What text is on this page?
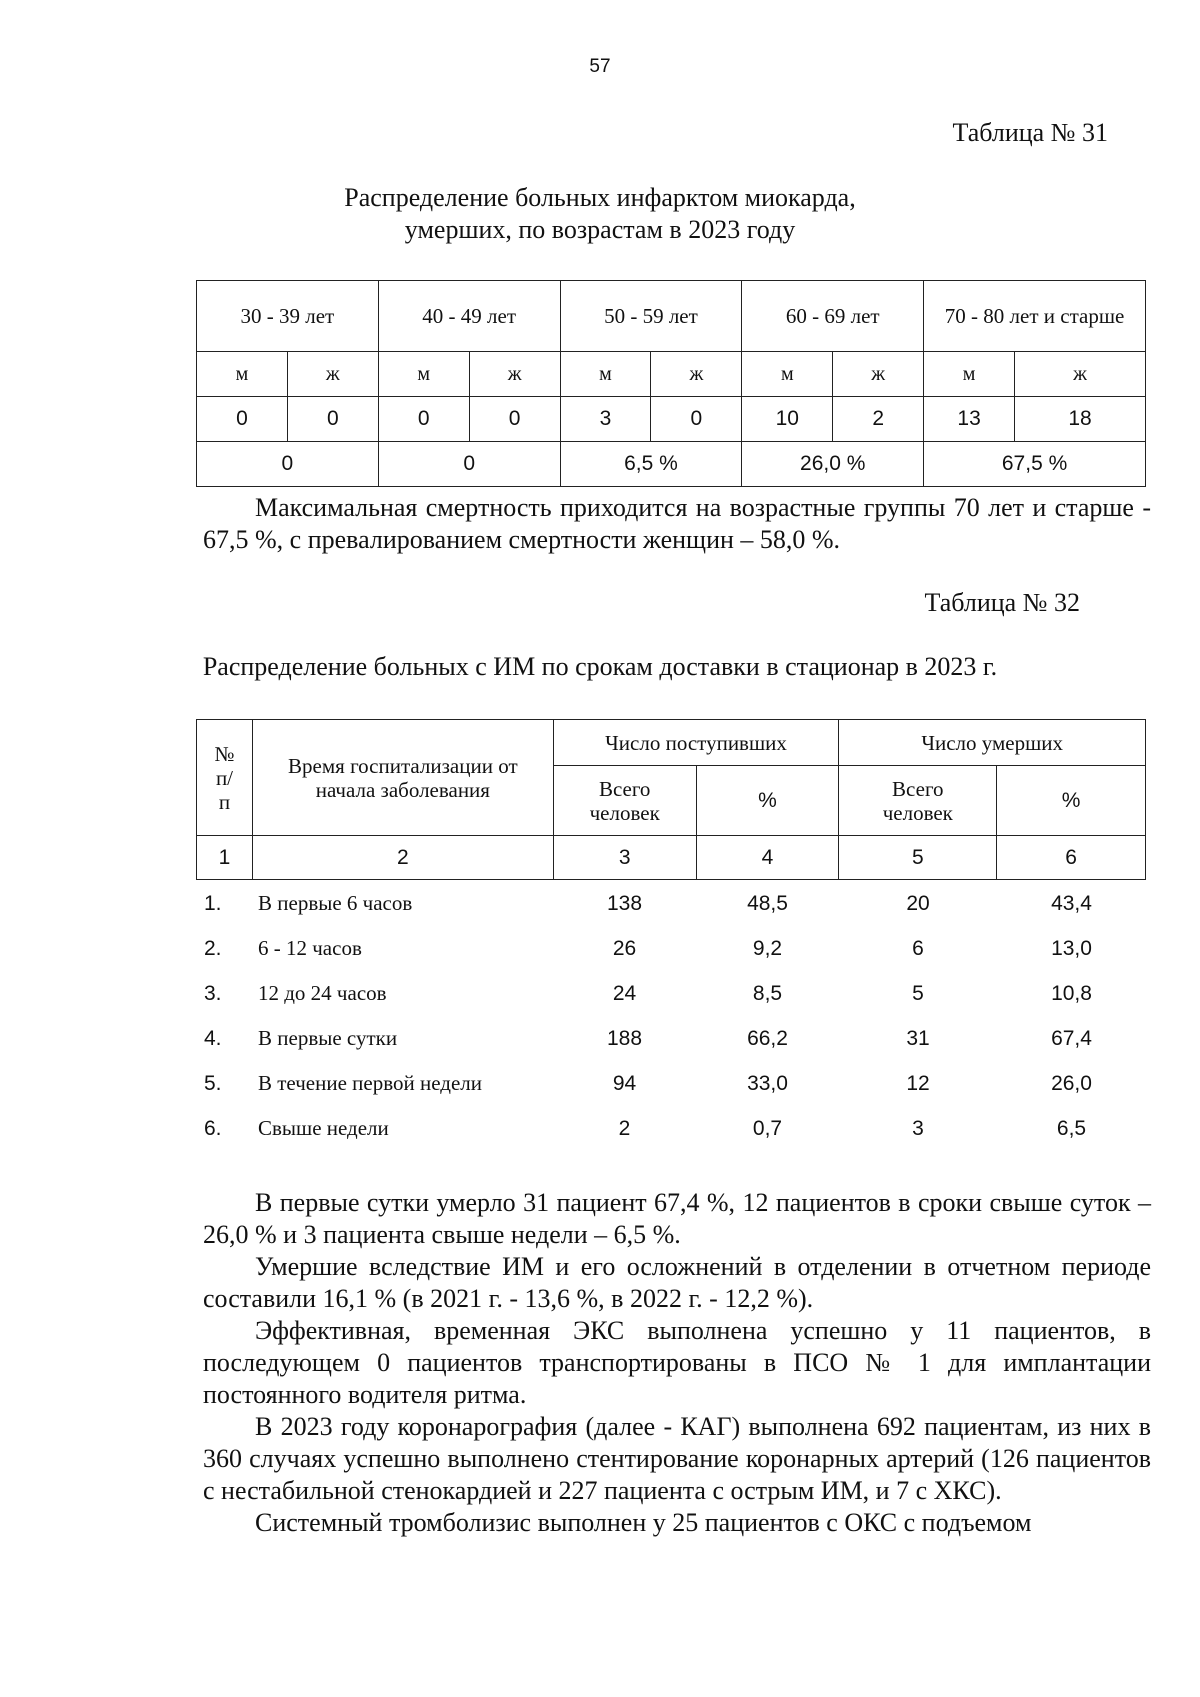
57
Таблица № 31
Распределение больных инфарктом миокарда,
умерших, по возрастам в 2023 году
30 - 39 лет		40 - 49 лет		50 - 59 лет		60 - 69 лет		70 - 80 лет и старше	
м	ж	м	ж	м	ж	м	ж	м	ж
0	0	0	0	3	0	10	2	13	18
0		0		6,5 %		26,0 %		67,5 %	
Максимальная смертность приходится на возрастные группы 70 лет и старше - 67,5 %, с превалированием смертности женщин – 58,0 %.
Таблица № 32
Распределение больных с ИМ по срокам доставки в стационар в 2023 г.
№ п/п	Время госпитализации от начала заболевания	Число поступивших		Число умерших	
		Всего человек	%	Всего человек	%
1	2	3	4	5	6
1.	В первые 6 часов	138	48,5	20	43,4
2.	6 - 12 часов	26	9,2	6	13,0
3.	12 до 24 часов	24	8,5	5	10,8
4.	В первые сутки	188	66,2	31	67,4
5.	В течение первой недели	94	33,0	12	26,0
6.	Свыше недели	2	0,7	3	6,5

В первые сутки умерло 31 пациент 67,4 %, 12 пациентов в сроки свыше суток – 26,0 % и 3 пациента свыше недели – 6,5 %.

Умершие вследствие ИМ и его осложнений в отделении в отчетном периоде составили 16,1 % (в 2021 г. - 13,6 %, в 2022 г. - 12,2 %).

Эффективная, временная ЭКС выполнена успешно у 11 пациентов, в последующем 0 пациентов транспортированы в ПСО № 1 для имплантации постоянного водителя ритма.

В 2023 году коронарография (далее - КАГ) выполнена 692 пациентам, из них в 360 случаях успешно выполнено стентирование коронарных артерий (126 пациентов с нестабильной стенокардией и 227 пациента с острым ИМ, и 7 с ХКС).

Системный тромболизис выполнен у 25 пациентов с ОКС с подъемом
